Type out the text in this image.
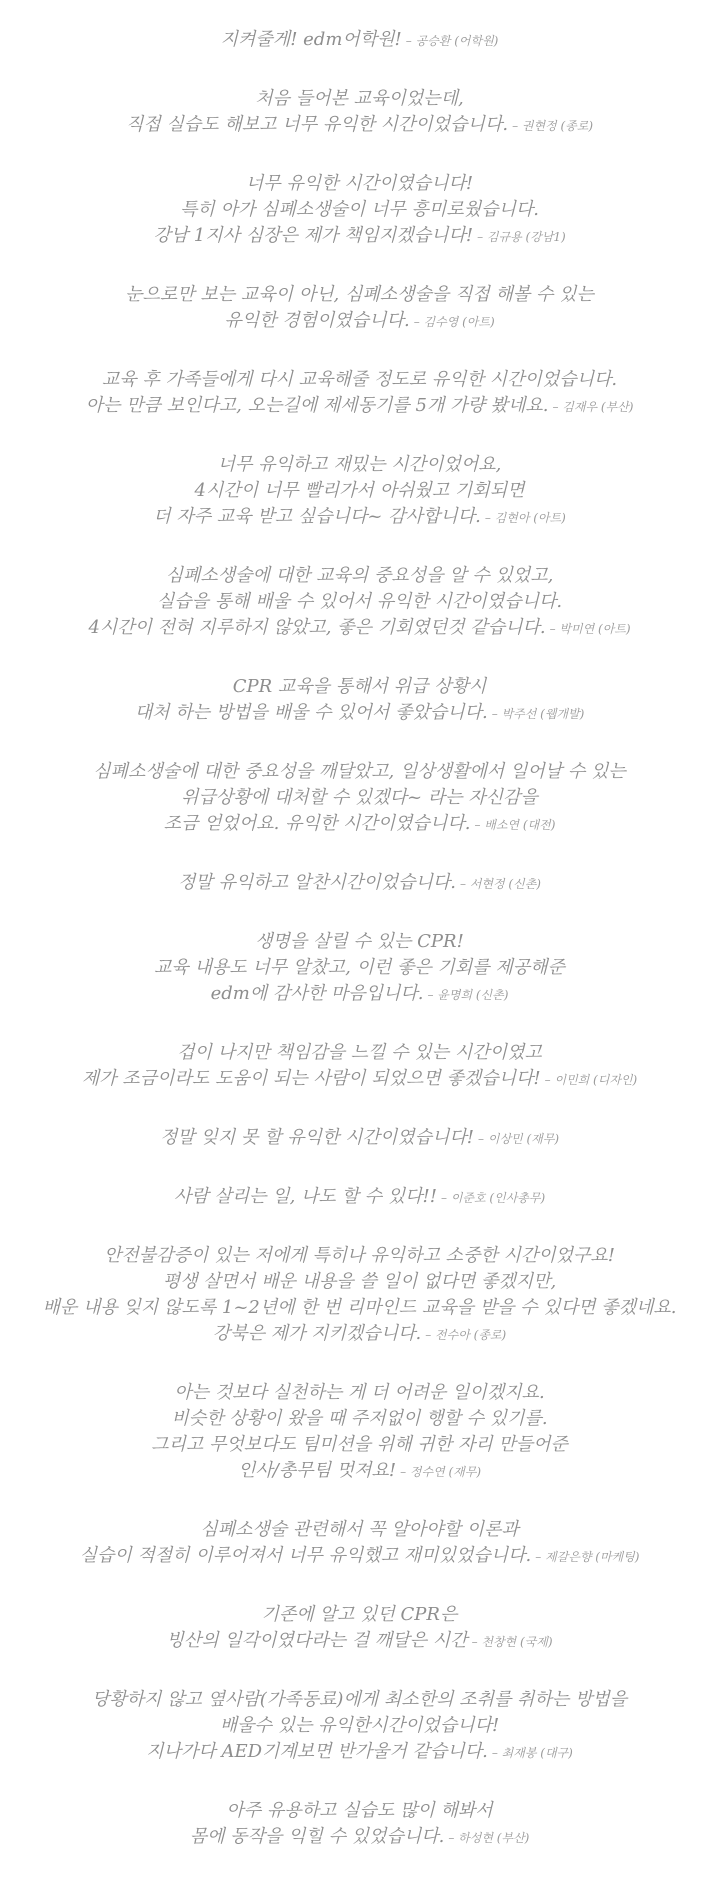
지켜줄게! edm어학원! – 공승환 (어학원)
처음 들어본 교육이었는데,
직접 실습도 해보고 너무 유익한 시간이었습니다. – 권현정 (종로)
너무 유익한 시간이였습니다!
특히 아가 심폐소생술이 너무 흥미로웠습니다.
강남 1지사 심장은 제가 책임지겠습니다! – 김규용 (강남1)
눈으로만 보는 교육이 아닌, 심폐소생술을 직접 해볼 수 있는
유익한 경험이였습니다. – 김수영 (아트)
교육 후 가족들에게 다시 교육해줄 정도로 유익한 시간이었습니다.
아는 만큼 보인다고, 오는길에 제세동기를 5개 가량 봤네요. – 김재우 (부산)
너무 유익하고 재밌는 시간이었어요,
4시간이 너무 빨리가서 아쉬웠고 기회되면
더 자주 교육 받고 싶습니다~ 감사합니다. – 김현아 (아트)
심폐소생술에 대한 교육의 중요성을 알 수 있었고,
실습을 통해 배울 수 있어서 유익한 시간이였습니다.
4시간이 전혀 지루하지 않았고, 좋은 기회였던것 같습니다. – 박미연 (아트)
CPR 교육을 통해서 위급 상황시
대처 하는 방법을 배울 수 있어서 좋았습니다. – 박주선 (웹개발)
심폐소생술에 대한 중요성을 깨달았고, 일상생활에서 일어날 수 있는
위급상황에 대처할 수 있겠다~ 라는 자신감을
조금 얻었어요. 유익한 시간이였습니다. – 배소연 (대전)
정말 유익하고 알찬시간이었습니다. – 서현정 (신촌)
생명을 살릴 수 있는 CPR!
교육 내용도 너무 알찼고, 이런 좋은 기회를 제공해준
edm에 감사한 마음입니다. – 윤명희 (신촌)
겁이 나지만 책임감을 느낄 수 있는 시간이였고
제가 조금이라도 도움이 되는 사람이 되었으면 좋겠습니다! – 이민희 (디자인)
정말 잊지 못 할 유익한 시간이였습니다! – 이상민 (재무)
사람 살리는 일, 나도 할 수 있다!! – 이준호 (인사총무)
안전불감증이 있는 저에게 특히나 유익하고 소중한 시간이었구요!
평생 살면서 배운 내용을 쓸 일이 없다면 좋겠지만,
배운 내용 잊지 않도록 1~2년에 한 번 리마인드 교육을 받을 수 있다면 좋겠네요.
강북은 제가 지키겠습니다. – 전수아 (종로)
아는 것보다 실천하는 게 더 어려운 일이겠지요.
비슷한 상황이 왔을 때 주저없이 행할 수 있기를.
그리고 무엇보다도 팀미션을 위해 귀한 자리 만들어준
인사/총무팀 멋져요! – 정수연 (재무)
심폐소생술 관련해서 꼭 알아야할 이론과
실습이 적절히 이루어져서 너무 유익했고 재미있었습니다. – 제갈은향 (마케팅)
기존에 알고 있던 CPR은
빙산의 일각이였다라는 걸 깨달은 시간 – 천창현 (국제)
당황하지 않고 옆사람(가족동료)에게 최소한의 조취를 취하는 방법을
배울수 있는 유익한시간이었습니다!
지나가다 AED기계보면 반가울거 같습니다. – 최재봉 (대구)
아주 유용하고 실습도 많이 해봐서
몸에 동작을 익힐 수 있었습니다. – 하성현 (부산)
